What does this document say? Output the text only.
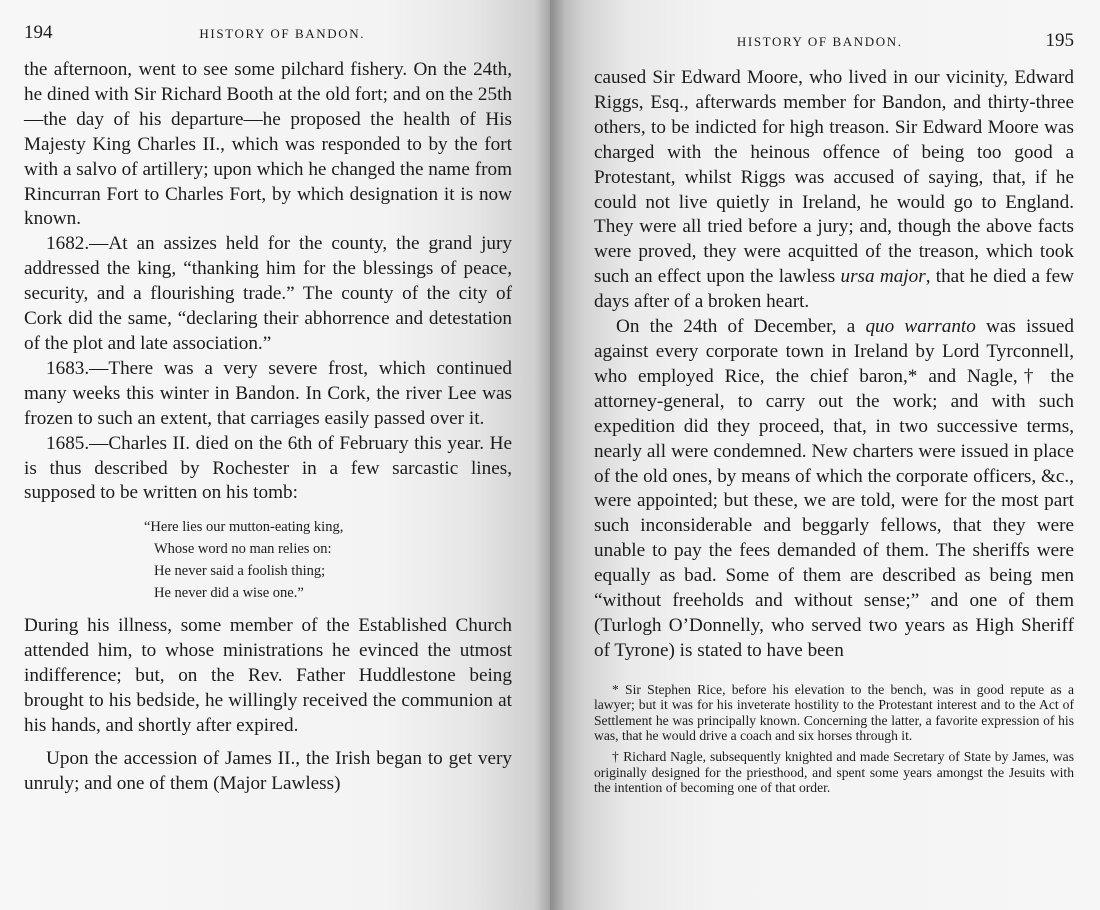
194	HISTORY OF BANDON.

the afternoon, went to see some pilchard fishery. On the 24th, he dined with Sir Richard Booth at the old fort; and on the 25th—the day of his departure—he proposed the health of His Majesty King Charles II., which was responded to by the fort with a salvo of artillery; upon which he changed the name from Rincurran Fort to Charles Fort, by which designation it is now known.

1682.—At an assizes held for the county, the grand jury addressed the king, “thanking him for the blessings of peace, security, and a flourishing trade.” The county of the city of Cork did the same, “declaring their abhorrence and detestation of the plot and late association.”

1683.—There was a very severe frost, which continued many weeks this winter in Bandon. In Cork, the river Lee was frozen to such an extent, that carriages easily passed over it.

1685.—Charles II. died on the 6th of February this year. He is thus described by Rochester in a few sarcastic lines, supposed to be written on his tomb:

“Here lies our mutton-eating king,
Whose word no man relies on:
He never said a foolish thing;
He never did a wise one.”

During his illness, some member of the Established Church attended him, to whose ministrations he evinced the utmost indifference; but, on the Rev. Father Huddlestone being brought to his bedside, he willingly received the communion at his hands, and shortly after expired.

Upon the accession of James II., the Irish began to get very unruly; and one of them (Major Lawless)

HISTORY OF BANDON.	195

caused Sir Edward Moore, who lived in our vicinity, Edward Riggs, Esq., afterwards member for Bandon, and thirty-three others, to be indicted for high treason. Sir Edward Moore was charged with the heinous offence of being too good a Protestant, whilst Riggs was accused of saying, that, if he could not live quietly in Ireland, he would go to England. They were all tried before a jury; and, though the above facts were proved, they were acquitted of the treason, which took such an effect upon the lawless ursa major, that he died a few days after of a broken heart.

On the 24th of December, a quo warranto was issued against every corporate town in Ireland by Lord Tyrconnell, who employed Rice, the chief baron,* and Nagle,† the attorney-general, to carry out the work; and with such expedition did they proceed, that, in two successive terms, nearly all were condemned. New charters were issued in place of the old ones, by means of which the corporate officers, &c., were appointed; but these, we are told, were for the most part such inconsiderable and beggarly fellows, that they were unable to pay the fees demanded of them. The sheriffs were equally as bad. Some of them are described as being men “without freeholds and without sense;” and one of them (Turlogh O’Donnelly, who served two years as High Sheriff of Tyrone) is stated to have been

* Sir Stephen Rice, before his elevation to the bench, was in good repute as a lawyer; but it was for his inveterate hostility to the Protestant interest and to the Act of Settlement he was principally known. Concerning the latter, a favorite expression of his was, that he would drive a coach and six horses through it.

† Richard Nagle, subsequently knighted and made Secretary of State by James, was originally designed for the priesthood, and spent some years amongst the Jesuits with the intention of becoming one of that order.
